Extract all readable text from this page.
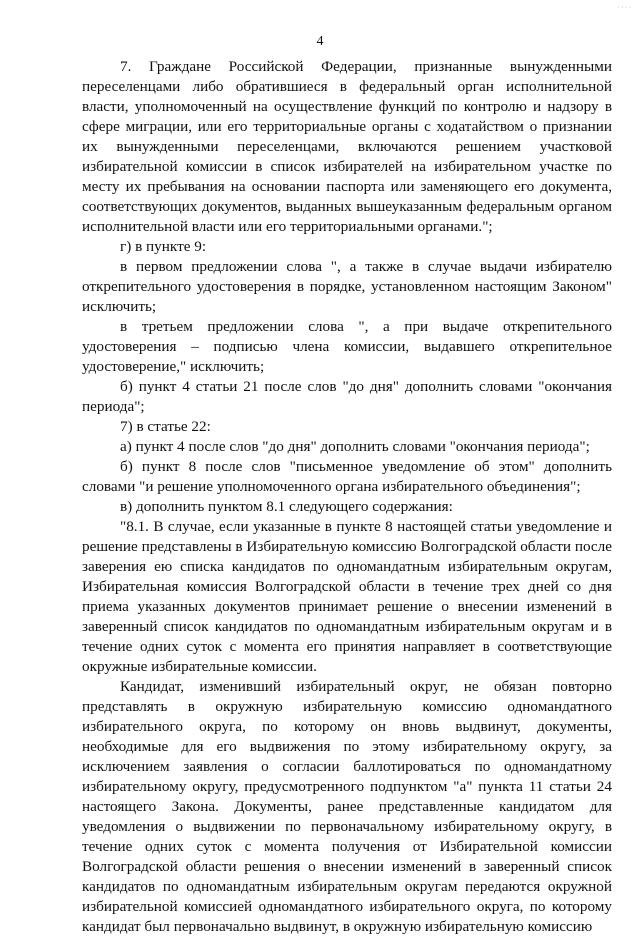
····
4

7. Граждане Российской Федерации, признанные вынужденными переселенцами либо обратившиеся в федеральный орган исполнительной власти, уполномоченный на осуществление функций по контролю и надзору в сфере миграции, или его территориальные органы с ходатайством о признании их вынужденными переселенцами, включаются решением участковой избирательной комиссии в список избирателей на избирательном участке по месту их пребывания на основании паспорта или заменяющего его документа, соответствующих документов, выданных вышеуказанным федеральным органом исполнительной власти или его территориальными органами.";

г) в пункте 9:

в первом предложении слова ", а также в случае выдачи избирателю открепительного удостоверения в порядке, установленном настоящим Законом" исключить;

в третьем предложении слова ", а при выдаче открепительного удостоверения – подписью члена комиссии, выдавшего открепительное удостоверение," исключить;

б) пункт 4 статьи 21 после слов "до дня" дополнить словами "окончания периода";

7) в статье 22:

а) пункт 4 после слов "до дня" дополнить словами "окончания периода";

б) пункт 8 после слов "письменное уведомление об этом" дополнить словами "и решение уполномоченного органа избирательного объединения";

в) дополнить пунктом 8.1 следующего содержания:

"8.1. В случае, если указанные в пункте 8 настоящей статьи уведомление и решение представлены в Избирательную комиссию Волгоградской области после заверения ею списка кандидатов по одномандатным избирательным округам, Избирательная комиссия Волгоградской области в течение трех дней со дня приема указанных документов принимает решение о внесении изменений в заверенный список кандидатов по одномандатным избирательным округам и в течение одних суток с момента его принятия направляет в соответствующие окружные избирательные комиссии.

Кандидат, изменивший избирательный округ, не обязан повторно представлять в окружную избирательную комиссию одномандатного избирательного округа, по которому он вновь выдвинут, документы, необходимые для его выдвижения по этому избирательному округу, за исключением заявления о согласии баллотироваться по одномандатному избирательному округу, предусмотренного подпунктом "а" пункта 11 статьи 24 настоящего Закона. Документы, ранее представленные кандидатом для уведомления о выдвижении по первоначальному избирательному округу, в течение одних суток с момента получения от Избирательной комиссии Волгоградской области решения о внесении изменений в заверенный список кандидатов по одномандатным избирательным округам передаются окружной избирательной комиссией одномандатного избирательного округа, по которому кандидат был первоначально выдвинут, в окружную избирательную комиссию
